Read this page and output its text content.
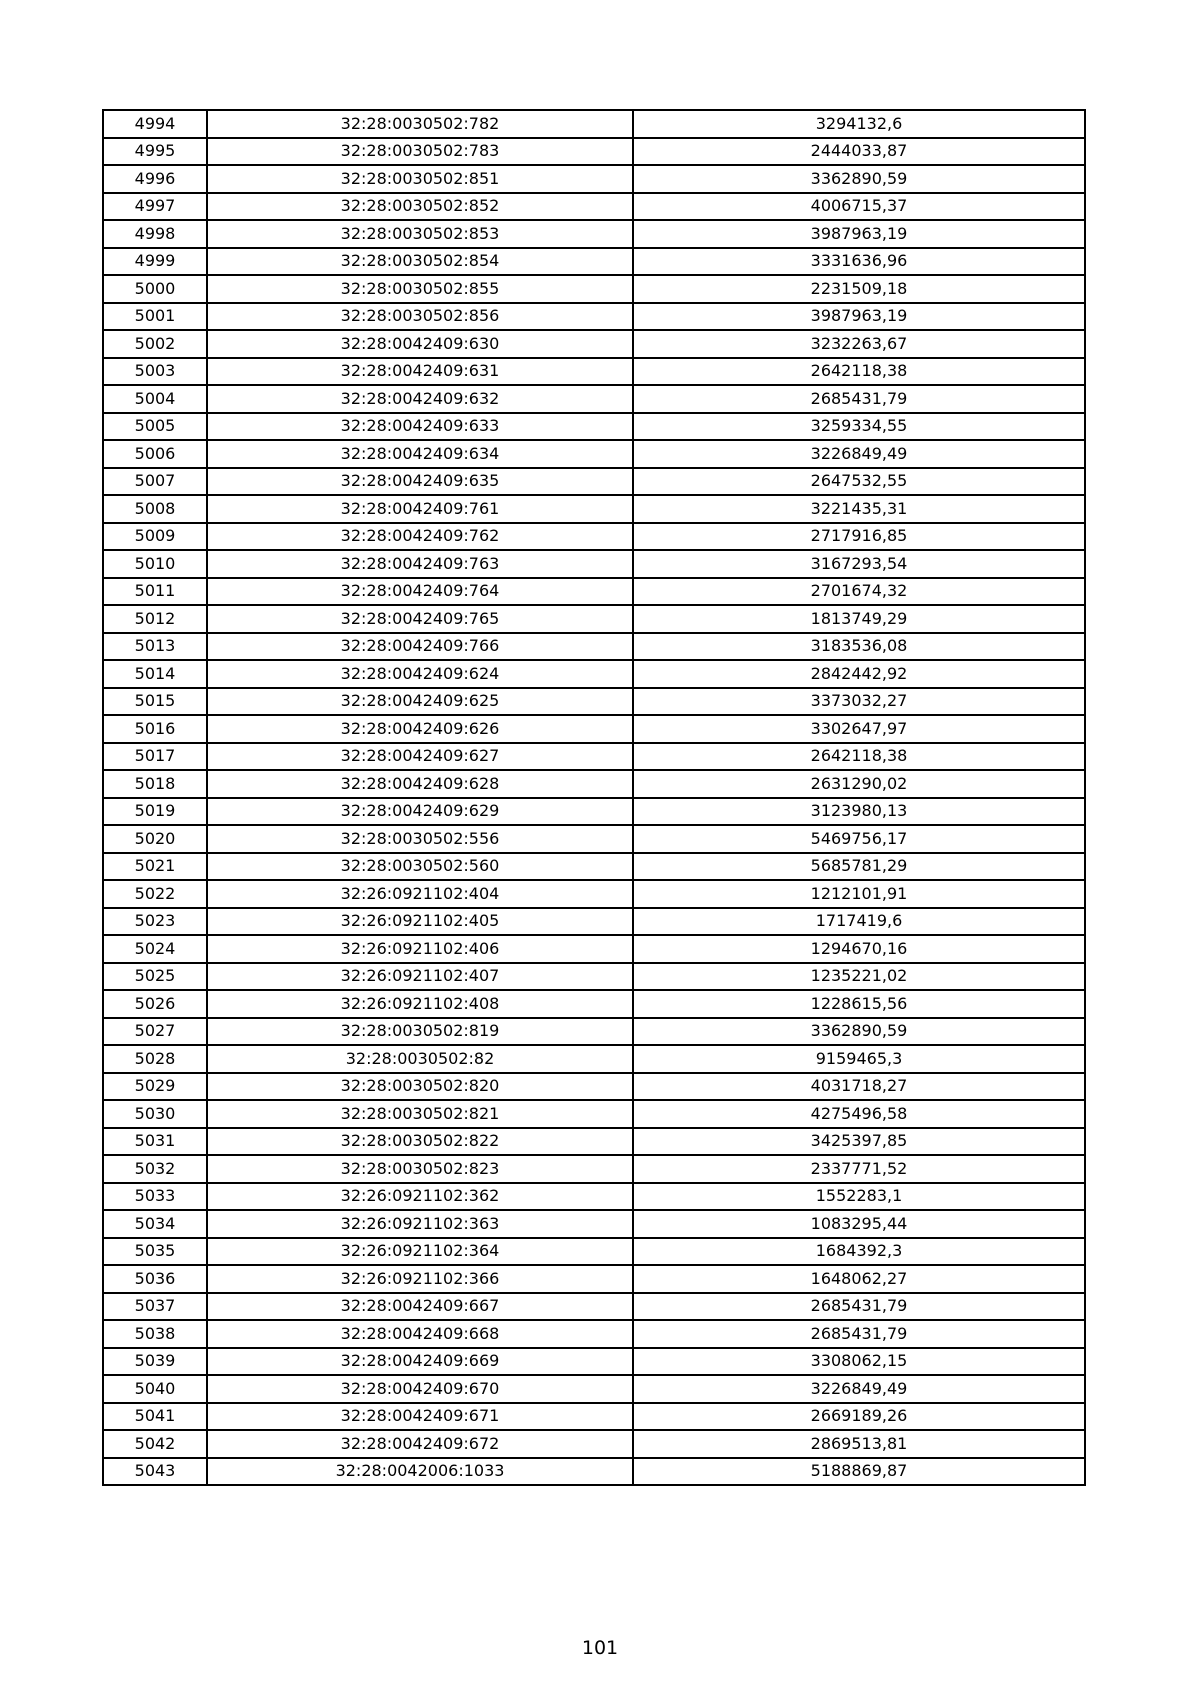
4994	32:28:0030502:782	3294132,6
4995	32:28:0030502:783	2444033,87
4996	32:28:0030502:851	3362890,59
4997	32:28:0030502:852	4006715,37
4998	32:28:0030502:853	3987963,19
4999	32:28:0030502:854	3331636,96
5000	32:28:0030502:855	2231509,18
5001	32:28:0030502:856	3987963,19
5002	32:28:0042409:630	3232263,67
5003	32:28:0042409:631	2642118,38
5004	32:28:0042409:632	2685431,79
5005	32:28:0042409:633	3259334,55
5006	32:28:0042409:634	3226849,49
5007	32:28:0042409:635	2647532,55
5008	32:28:0042409:761	3221435,31
5009	32:28:0042409:762	2717916,85
5010	32:28:0042409:763	3167293,54
5011	32:28:0042409:764	2701674,32
5012	32:28:0042409:765	1813749,29
5013	32:28:0042409:766	3183536,08
5014	32:28:0042409:624	2842442,92
5015	32:28:0042409:625	3373032,27
5016	32:28:0042409:626	3302647,97
5017	32:28:0042409:627	2642118,38
5018	32:28:0042409:628	2631290,02
5019	32:28:0042409:629	3123980,13
5020	32:28:0030502:556	5469756,17
5021	32:28:0030502:560	5685781,29
5022	32:26:0921102:404	1212101,91
5023	32:26:0921102:405	1717419,6
5024	32:26:0921102:406	1294670,16
5025	32:26:0921102:407	1235221,02
5026	32:26:0921102:408	1228615,56
5027	32:28:0030502:819	3362890,59
5028	32:28:0030502:82	9159465,3
5029	32:28:0030502:820	4031718,27
5030	32:28:0030502:821	4275496,58
5031	32:28:0030502:822	3425397,85
5032	32:28:0030502:823	2337771,52
5033	32:26:0921102:362	1552283,1
5034	32:26:0921102:363	1083295,44
5035	32:26:0921102:364	1684392,3
5036	32:26:0921102:366	1648062,27
5037	32:28:0042409:667	2685431,79
5038	32:28:0042409:668	2685431,79
5039	32:28:0042409:669	3308062,15
5040	32:28:0042409:670	3226849,49
5041	32:28:0042409:671	2669189,26
5042	32:28:0042409:672	2869513,81
5043	32:28:0042006:1033	5188869,87
101
